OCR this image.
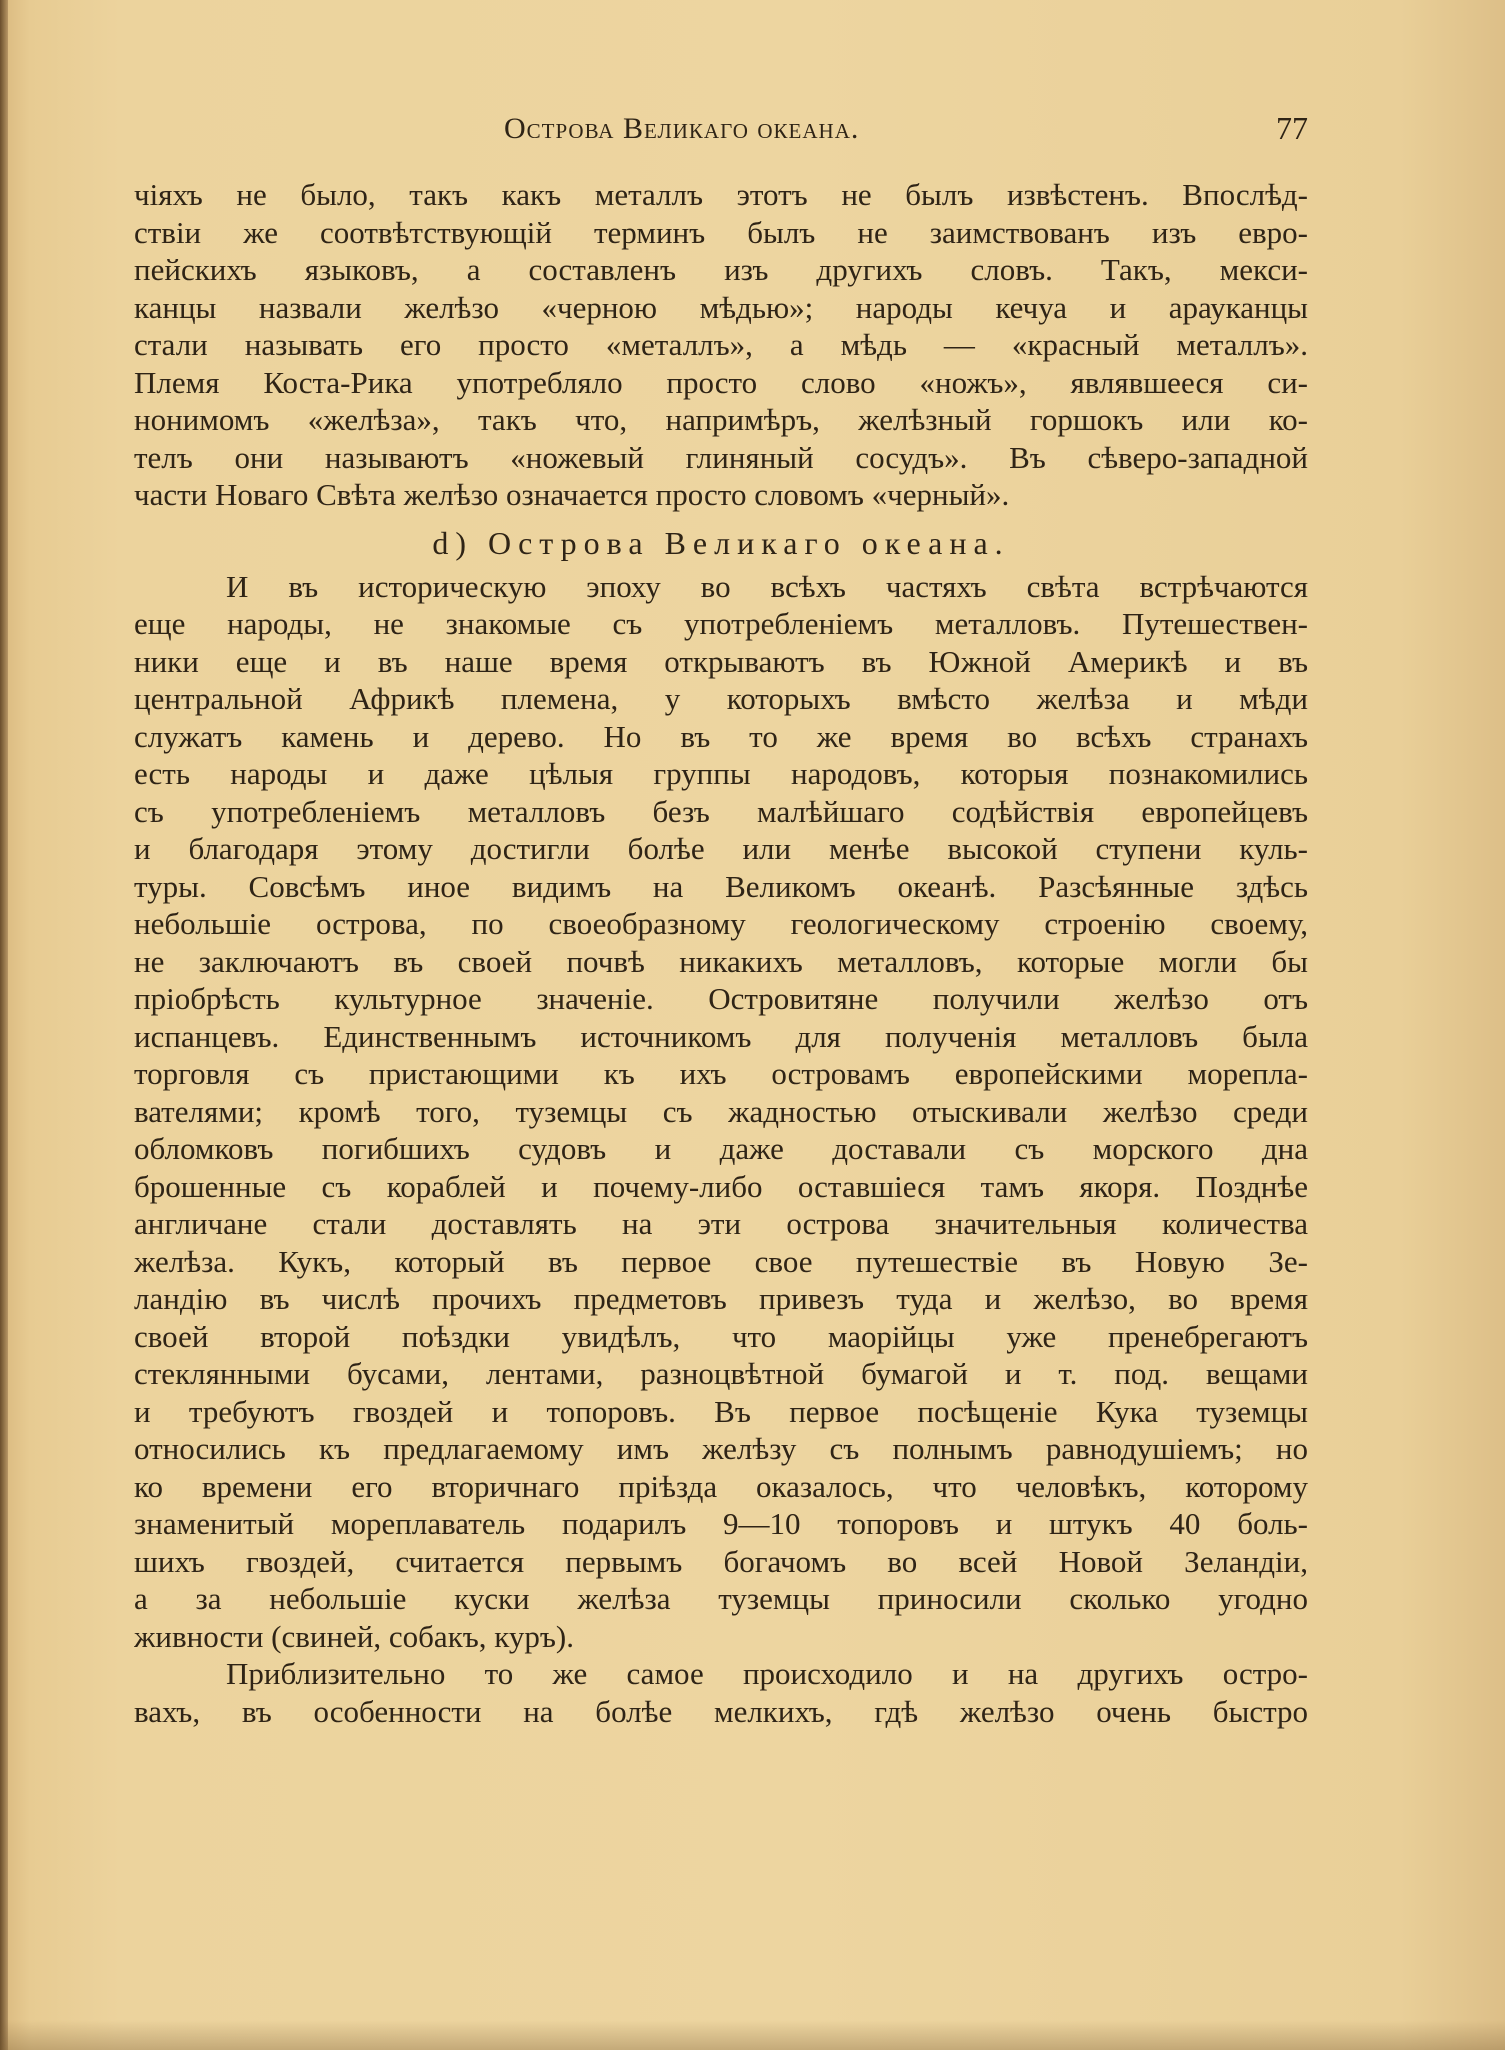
Острова Великаго океана.	77
чіяхъ не было, такъ какъ металлъ этотъ не былъ извѣстенъ. Впослѣд-
ствіи же соотвѣтствующій терминъ былъ не заимствованъ изъ евро-
пейскихъ языковъ, а составленъ изъ другихъ словъ. Такъ, мекси-
канцы назвали желѣзо «черною мѣдью»; народы кечуа и арауканцы
стали называть его просто «металлъ», а мѣдь — «красный металлъ».
Племя Коста-Рика употребляло просто слово «ножъ», являвшееся си-
нонимомъ «желѣза», такъ что, напримѣръ, желѣзный горшокъ или ко-
телъ они называютъ «ножевый глиняный сосудъ». Въ сѣверо-западной
части Новаго Свѣта желѣзо означается просто словомъ «черный».
d) Острова Великаго океана.
И въ историческую эпоху во всѣхъ частяхъ свѣта встрѣчаются
еще народы, не знакомые съ употребленіемъ металловъ. Путешествен-
ники еще и въ наше время открываютъ въ Южной Америкѣ и въ
центральной Африкѣ племена, у которыхъ вмѣсто желѣза и мѣди
служатъ камень и дерево. Но въ то же время во всѣхъ странахъ
есть народы и даже цѣлыя группы народовъ, которыя познакомились
съ употребленіемъ металловъ безъ малѣйшаго содѣйствія европейцевъ
и благодаря этому достигли болѣе или менѣе высокой ступени куль-
туры. Совсѣмъ иное видимъ на Великомъ океанѣ. Разсѣянные здѣсь
небольшіе острова, по своеобразному геологическому строенію своему,
не заключаютъ въ своей почвѣ никакихъ металловъ, которые могли бы
пріобрѣсть культурное значеніе. Островитяне получили желѣзо отъ
испанцевъ. Единственнымъ источникомъ для полученія металловъ была
торговля съ пристающими къ ихъ островамъ европейскими морепла-
вателями; кромѣ того, туземцы съ жадностью отыскивали желѣзо среди
обломковъ погибшихъ судовъ и даже доставали съ морского дна
брошенные съ кораблей и почему-либо оставшіеся тамъ якоря. Позднѣе
англичане стали доставлять на эти острова значительныя количества
желѣза. Кукъ, который въ первое свое путешествіе въ Новую Зе-
ландію въ числѣ прочихъ предметовъ привезъ туда и желѣзо, во время
своей второй поѣздки увидѣлъ, что маорійцы уже пренебрегаютъ
стеклянными бусами, лентами, разноцвѣтной бумагой и т. под. вещами
и требуютъ гвоздей и топоровъ. Въ первое посѣщеніе Кука туземцы
относились къ предлагаемому имъ желѣзу съ полнымъ равнодушіемъ; но
ко времени его вторичнаго пріѣзда оказалось, что человѣкъ, которому
знаменитый мореплаватель подарилъ 9—10 топоровъ и штукъ 40 боль-
шихъ гвоздей, считается первымъ богачомъ во всей Новой Зеландіи,
а за небольшіе куски желѣза туземцы приносили сколько угодно
живности (свиней, собакъ, куръ).
Приблизительно то же самое происходило и на другихъ остро-
вахъ, въ особенности на болѣе мелкихъ, гдѣ желѣзо очень быстро
